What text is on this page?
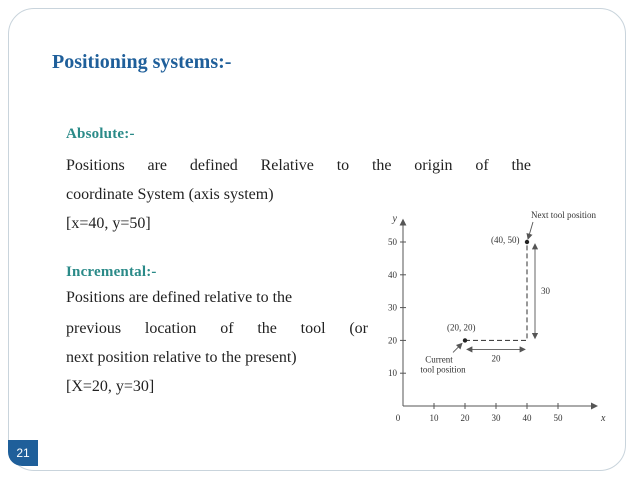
Positioning systems:-

Absolute:-

Positions are defined Relative to the origin of the

coordinate System (axis system)

[x=40, y=50]

Incremental:-

Positions are defined relative to the

previous location of the tool (or

next position relative to the present)

[X=20, y=30]

x
y
0	10 20 30 40 50
10
20
30
40
50
(20, 20)
(40, 50)
Current
tool position
Next tool position
20
30
21
